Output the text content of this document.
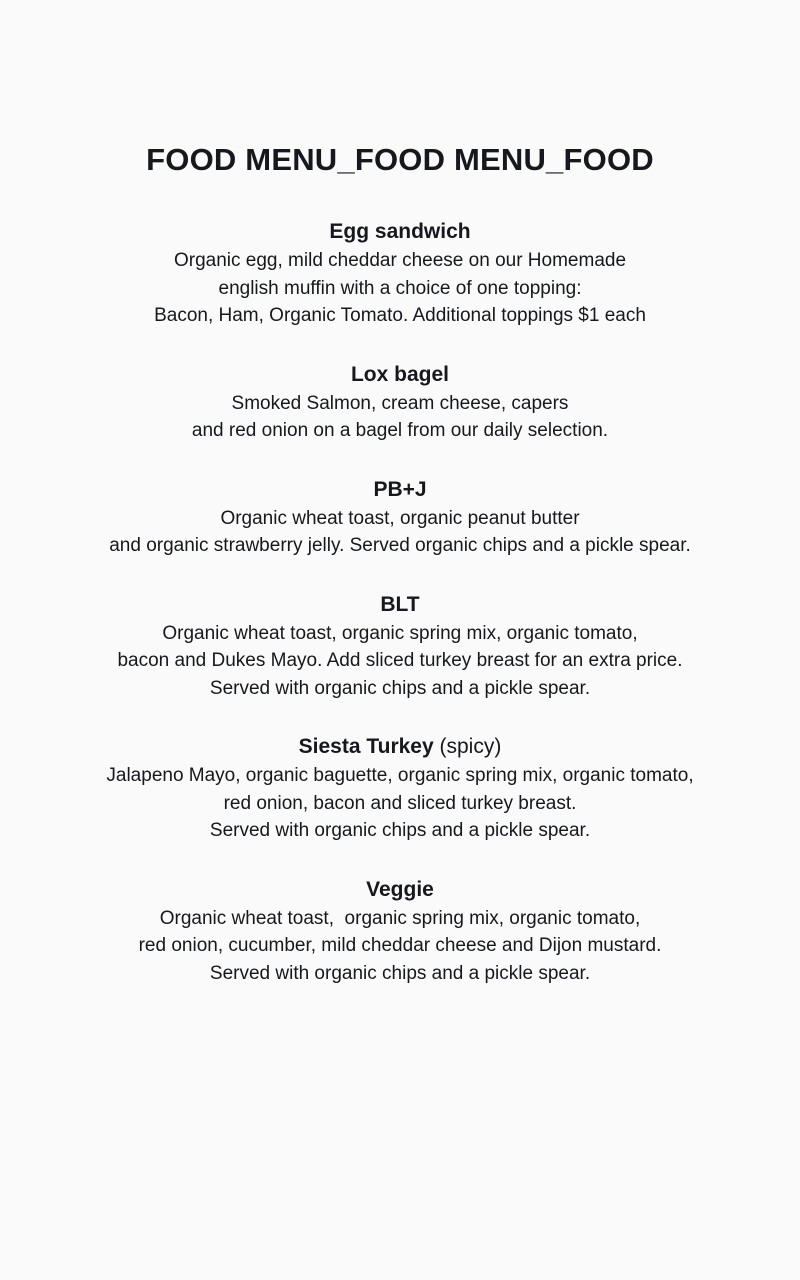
FOOD MENU_FOOD MENU_FOOD
Egg sandwich
Organic egg, mild cheddar cheese on our Homemade
english muffin with a choice of one topping:
Bacon, Ham, Organic Tomato. Additional toppings $1 each
Lox bagel
Smoked Salmon, cream cheese, capers
and red onion on a bagel from our daily selection.
PB+J
Organic wheat toast, organic peanut butter
and organic strawberry jelly. Served organic chips and a pickle spear.
BLT
Organic wheat toast, organic spring mix, organic tomato,
bacon and Dukes Mayo. Add sliced turkey breast for an extra price.
Served with organic chips and a pickle spear.
Siesta Turkey (spicy)
Jalapeno Mayo, organic baguette, organic spring mix, organic tomato,
red onion, bacon and sliced turkey breast.
Served with organic chips and a pickle spear.
Veggie
Organic wheat toast,  organic spring mix, organic tomato,
red onion, cucumber, mild cheddar cheese and Dijon mustard.
Served with organic chips and a pickle spear.
